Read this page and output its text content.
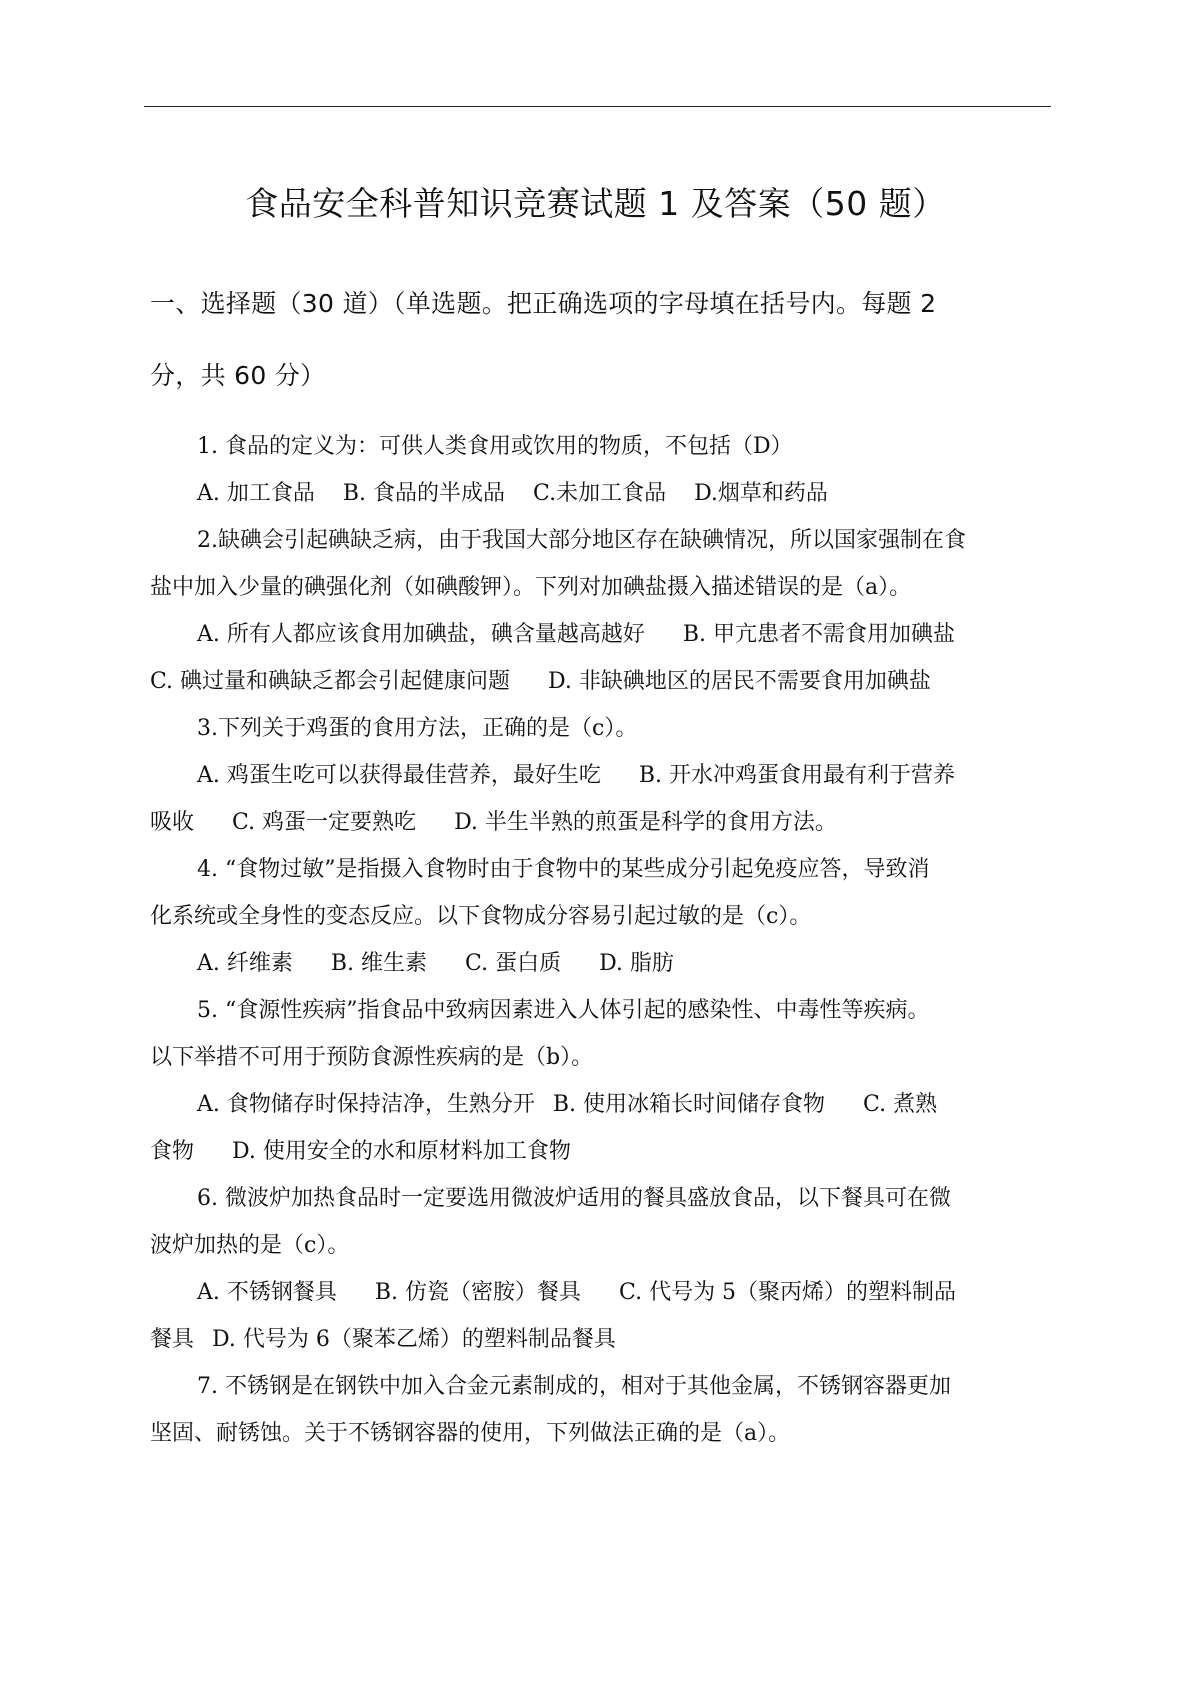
食品安全科普知识竞赛试题 1 及答案（50 题）
一、选择题（30 道）（单选题。把正确选项的字母填在括号内。每题 2
分，共 60 分）

1. 食品的定义为：可供人类食用或饮用的物质，不包括（D）

A. 加工食品 B. 食品的半成品 C.未加工食品 D.烟草和药品

2.缺碘会引起碘缺乏病，由于我国大部分地区存在缺碘情况，所以国家强制在食

盐中加入少量的碘强化剂（如碘酸钾）。下列对加碘盐摄入描述错误的是（a）。

A. 所有人都应该食用加碘盐，碘含量越高越好 B. 甲亢患者不需食用加碘盐

C. 碘过量和碘缺乏都会引起健康问题 D. 非缺碘地区的居民不需要食用加碘盐

3.下列关于鸡蛋的食用方法，正确的是（c）。

A. 鸡蛋生吃可以获得最佳营养，最好生吃 B. 开水冲鸡蛋食用最有利于营养

吸收 C. 鸡蛋一定要熟吃 D. 半生半熟的煎蛋是科学的食用方法。

4. “食物过敏”是指摄入食物时由于食物中的某些成分引起免疫应答，导致消

化系统或全身性的变态反应。以下食物成分容易引起过敏的是（c）。

A. 纤维素 B. 维生素 C. 蛋白质 D. 脂肪

5. “食源性疾病”指食品中致病因素进入人体引起的感染性、中毒性等疾病。

以下举措不可用于预防食源性疾病的是（b）。

A. 食物储存时保持洁净，生熟分开 B. 使用冰箱长时间储存食物 C. 煮熟

食物 D. 使用安全的水和原材料加工食物

6. 微波炉加热食品时一定要选用微波炉适用的餐具盛放食品，以下餐具可在微

波炉加热的是（c）。

A. 不锈钢餐具 B. 仿瓷（密胺）餐具 C. 代号为 5（聚丙烯）的塑料制品

餐具 D. 代号为 6（聚苯乙烯）的塑料制品餐具

7. 不锈钢是在钢铁中加入合金元素制成的，相对于其他金属，不锈钢容器更加

坚固、耐锈蚀。关于不锈钢容器的使用，下列做法正确的是（a）。
